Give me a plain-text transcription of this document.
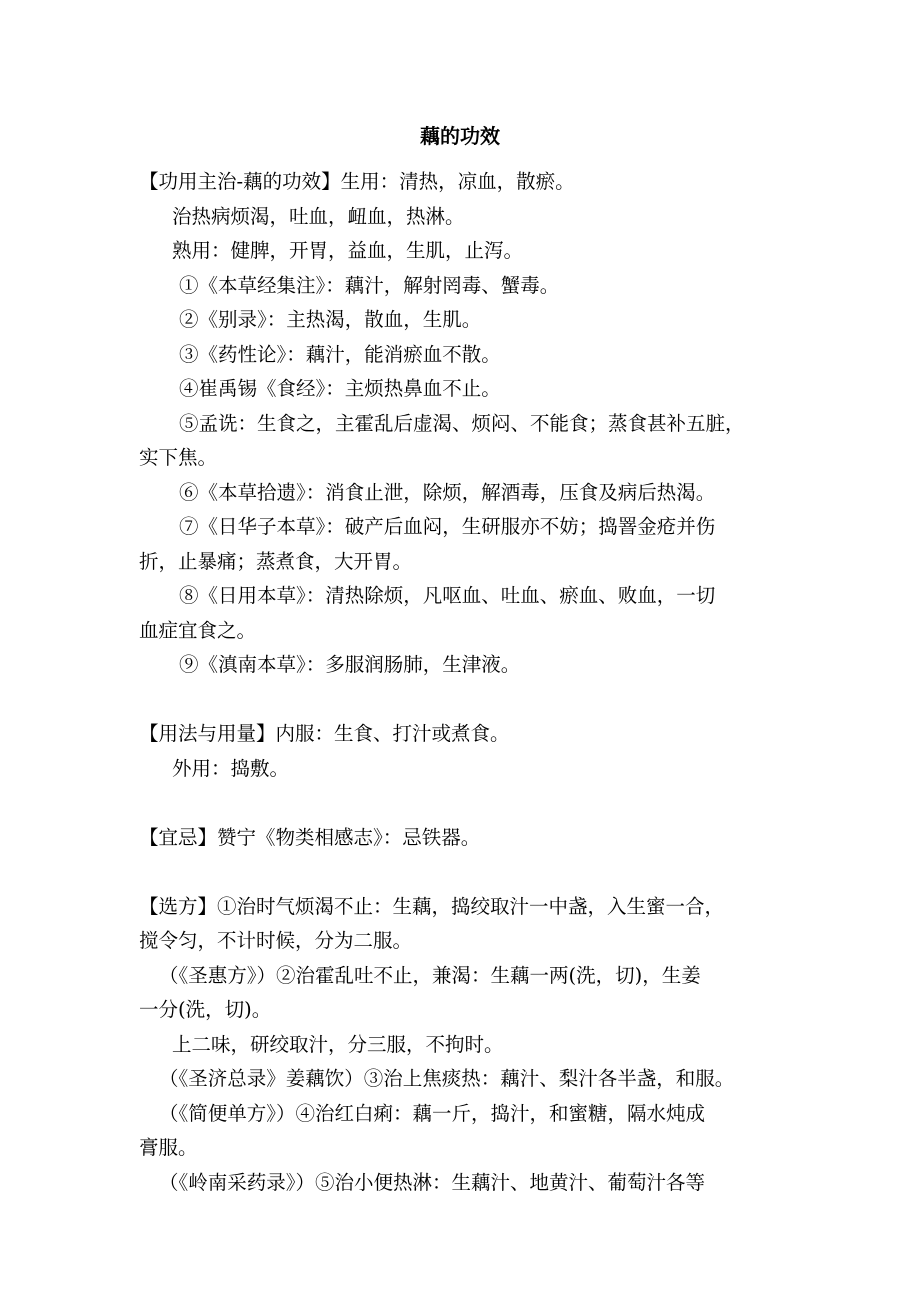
藕的功效
【功用主治-藕的功效】生用：清热，凉血，散瘀。
治热病烦渴，吐血，衄血，热淋。
熟用：健脾，开胃，益血，生肌，止泻。
①《本草经集注》：藕汁，解射罔毒、蟹毒。
②《别录》：主热渴，散血，生肌。
③《药性论》：藕汁，能消瘀血不散。
④崔禹锡《食经》：主烦热鼻血不止。
⑤孟诜：生食之，主霍乱后虚渴、烦闷、不能食；蒸食甚补五脏，
实下焦。
⑥《本草拾遗》：消食止泄，除烦，解酒毒，压食及病后热渴。
⑦《日华子本草》：破产后血闷，生研服亦不妨；捣罯金疮并伤
折，止暴痛；蒸煮食，大开胃。
⑧《日用本草》：清热除烦，凡呕血、吐血、瘀血、败血，一切
血症宜食之。
⑨《滇南本草》：多服润肠肺，生津液。
【用法与用量】内服：生食、打汁或煮食。
外用：捣敷。
【宜忌】赞宁《物类相感志》：忌铁器。
【选方】①治时气烦渴不止：生藕，捣绞取汁一中盏，入生蜜一合，
搅令匀，不计时候，分为二服。
（《圣惠方》）②治霍乱吐不止，兼渴：生藕一两(洗，切)，生姜
一分(洗，切)。
上二味，研绞取汁，分三服，不拘时。
（《圣济总录》姜藕饮）③治上焦痰热：藕汁、梨汁各半盏，和服。
（《简便单方》）④治红白痢：藕一斤，捣汁，和蜜糖，隔水炖成
膏服。
（《岭南采药录》）⑤治小便热淋：生藕汁、地黄汁、葡萄汁各等
